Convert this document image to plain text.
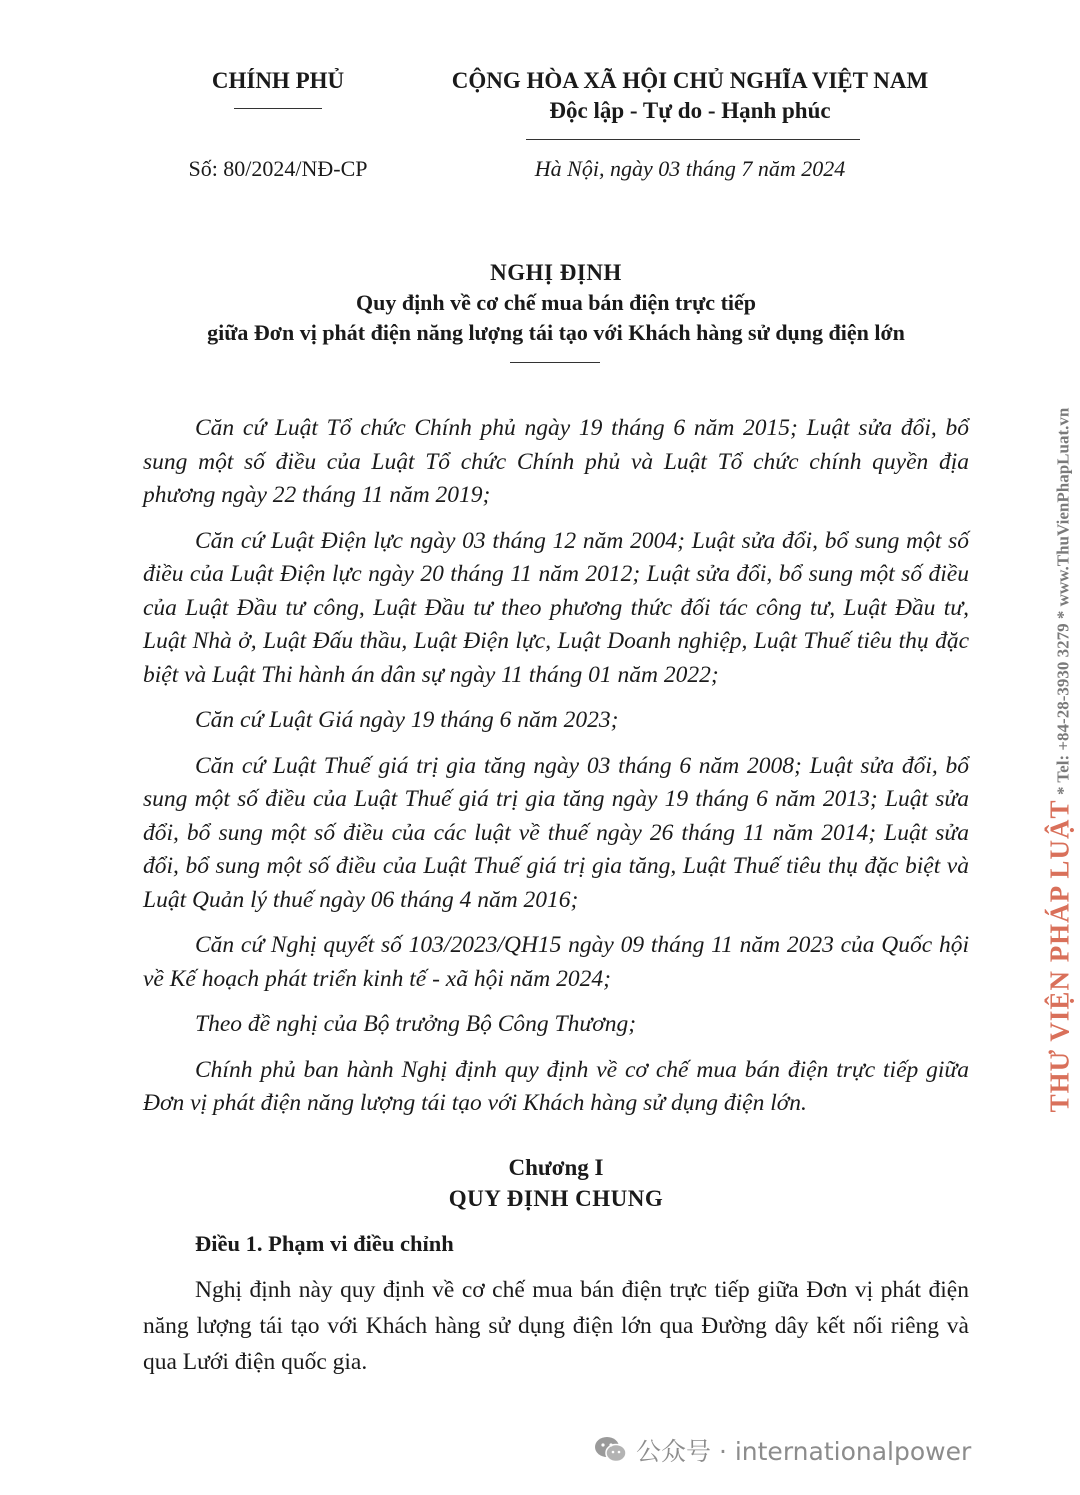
CHÍNH PHỦ	CỘNG HÒA XÃ HỘI CHỦ NGHĨA VIỆT NAM
Độc lập - Tự do - Hạnh phúc
Số: 80/2024/NĐ-CP	Hà Nội, ngày 03 tháng 7 năm 2024
NGHỊ ĐỊNH
Quy định về cơ chế mua bán điện trực tiếp
giữa Đơn vị phát điện năng lượng tái tạo với Khách hàng sử dụng điện lớn

Căn cứ Luật Tổ chức Chính phủ ngày 19 tháng 6 năm 2015; Luật sửa đổi, bổ sung một số điều của Luật Tổ chức Chính phủ và Luật Tổ chức chính quyền địa phương ngày 22 tháng 11 năm 2019;

Căn cứ Luật Điện lực ngày 03 tháng 12 năm 2004; Luật sửa đổi, bổ sung một số điều của Luật Điện lực ngày 20 tháng 11 năm 2012; Luật sửa đổi, bổ sung một số điều của Luật Đầu tư công, Luật Đầu tư theo phương thức đối tác công tư, Luật Đầu tư, Luật Nhà ở, Luật Đấu thầu, Luật Điện lực, Luật Doanh nghiệp, Luật Thuế tiêu thụ đặc biệt và Luật Thi hành án dân sự ngày 11 tháng 01 năm 2022;

Căn cứ Luật Giá ngày 19 tháng 6 năm 2023;

Căn cứ Luật Thuế giá trị gia tăng ngày 03 tháng 6 năm 2008; Luật sửa đổi, bổ sung một số điều của Luật Thuế giá trị gia tăng ngày 19 tháng 6 năm 2013; Luật sửa đổi, bổ sung một số điều của các luật về thuế ngày 26 tháng 11 năm 2014; Luật sửa đổi, bổ sung một số điều của Luật Thuế giá trị gia tăng, Luật Thuế tiêu thụ đặc biệt và Luật Quản lý thuế ngày 06 tháng 4 năm 2016;

Căn cứ Nghị quyết số 103/2023/QH15 ngày 09 tháng 11 năm 2023 của Quốc hội về Kế hoạch phát triển kinh tế - xã hội năm 2024;

Theo đề nghị của Bộ trưởng Bộ Công Thương;

Chính phủ ban hành Nghị định quy định về cơ chế mua bán điện trực tiếp giữa Đơn vị phát điện năng lượng tái tạo với Khách hàng sử dụng điện lớn.

Chương I
QUY ĐỊNH CHUNG
Điều 1. Phạm vi điều chỉnh

Nghị định này quy định về cơ chế mua bán điện trực tiếp giữa Đơn vị phát điện năng lượng tái tạo với Khách hàng sử dụng điện lớn qua Đường dây kết nối riêng và qua Lưới điện quốc gia.

THƯ VIỆN PHÁP LUẬT * Tel: +84-28-3930 3279 * www.ThuVienPhapLuat.vn
公众号 · internationalpower
